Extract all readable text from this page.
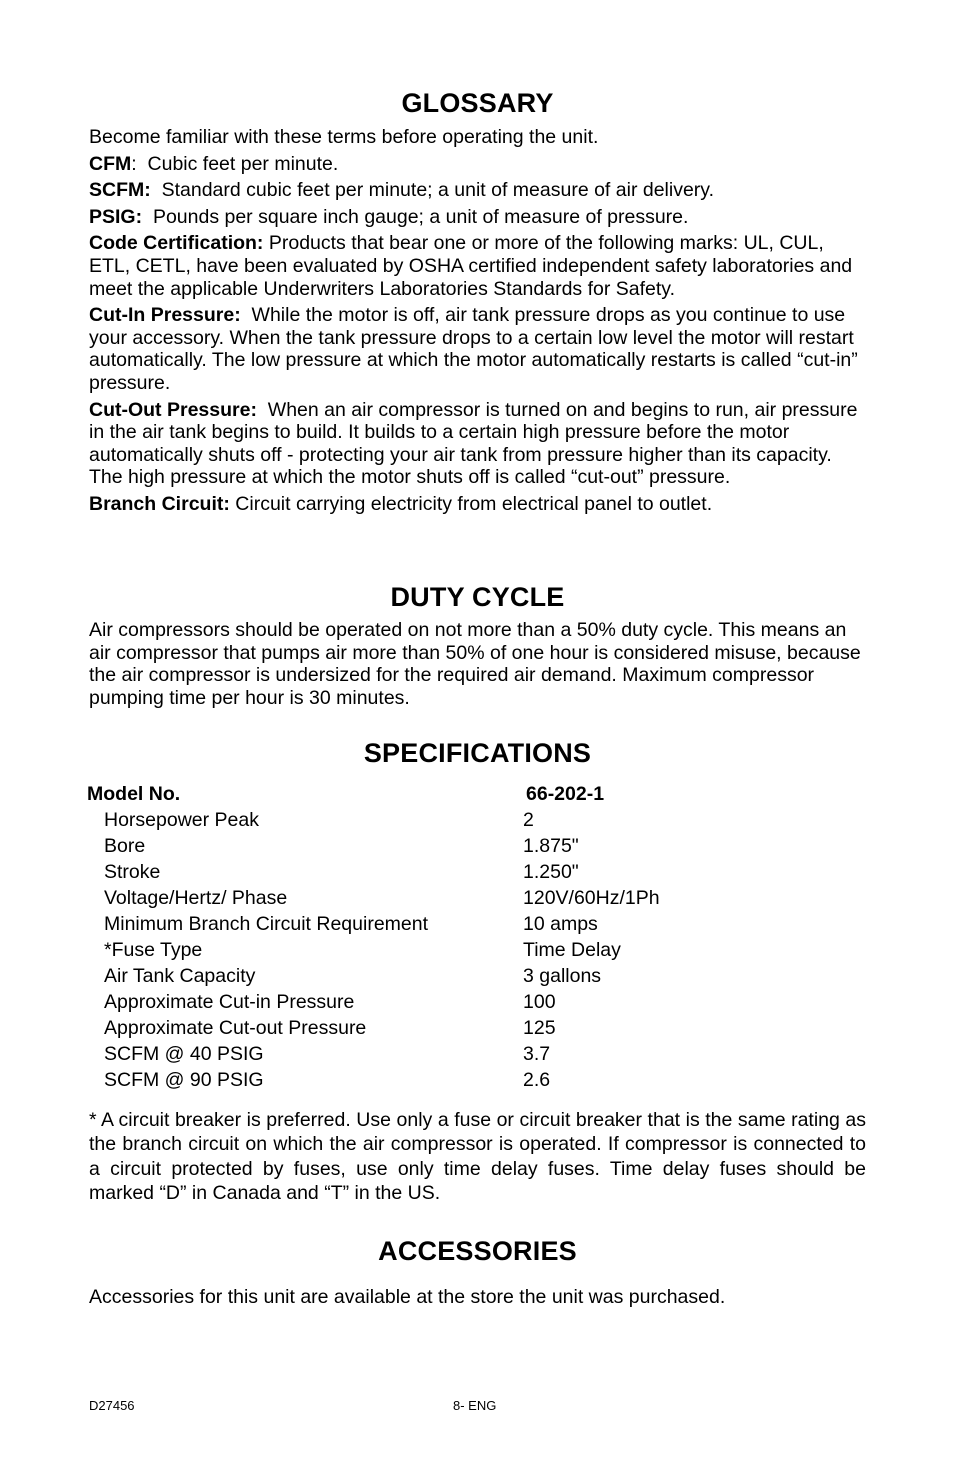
GLOSSARY

Become familiar with these terms before operating the unit.

CFM:  Cubic feet per minute.

SCFM: Standard cubic feet per minute; a unit of measure of air delivery.

PSIG: Pounds per square inch gauge; a unit of measure of pressure.

Code Certification: Products that bear one or more of the following marks: UL, CUL, ETL, CETL, have been evaluated by OSHA certified independent safety laboratories and meet the applicable Underwriters Laboratories Standards for Safety.

Cut-In Pressure: While the motor is off, air tank pressure drops as you continue to use your accessory. When the tank pressure drops to a certain low level the motor will restart automatically. The low pressure at which the motor automatically restarts is called “cut-in” pressure.

Cut-Out Pressure: When an air compressor is turned on and begins to run, air pressure in the air tank begins to build. It builds to a certain high pressure before the motor automatically shuts off - protecting your air tank from pressure higher than its capacity. The high pressure at which the motor shuts off is called “cut-out” pressure.

Branch Circuit: Circuit carrying electricity from electrical panel to outlet.

DUTY CYCLE

Air compressors should be operated on not more than a 50% duty cycle. This means an air compressor that pumps air more than 50% of one hour is considered misuse, because the air compressor is undersized for the required air demand. Maximum compressor pumping time per hour is 30 minutes.

SPECIFICATIONS
Model No.	66-202-1
Horsepower Peak	2
Bore	1.875"
Stroke	1.250"
Voltage/Hertz/ Phase	120V/60Hz/1Ph
Minimum Branch Circuit Requirement	10 amps
*Fuse Type	Time Delay
Air Tank Capacity	3 gallons
Approximate Cut-in Pressure	100
Approximate Cut-out Pressure	125
SCFM @ 40 PSIG	3.7
SCFM @ 90 PSIG	2.6

* A circuit breaker is preferred. Use only a fuse or circuit breaker that is the same rating as the branch circuit on which the air compressor is operated. If compressor is connected to a circuit protected by fuses, use only time delay fuses. Time delay fuses should be marked “D” in Canada and “T” in the US.

ACCESSORIES

Accessories for this unit are available at the store the unit was purchased.

D27456	8- ENG
